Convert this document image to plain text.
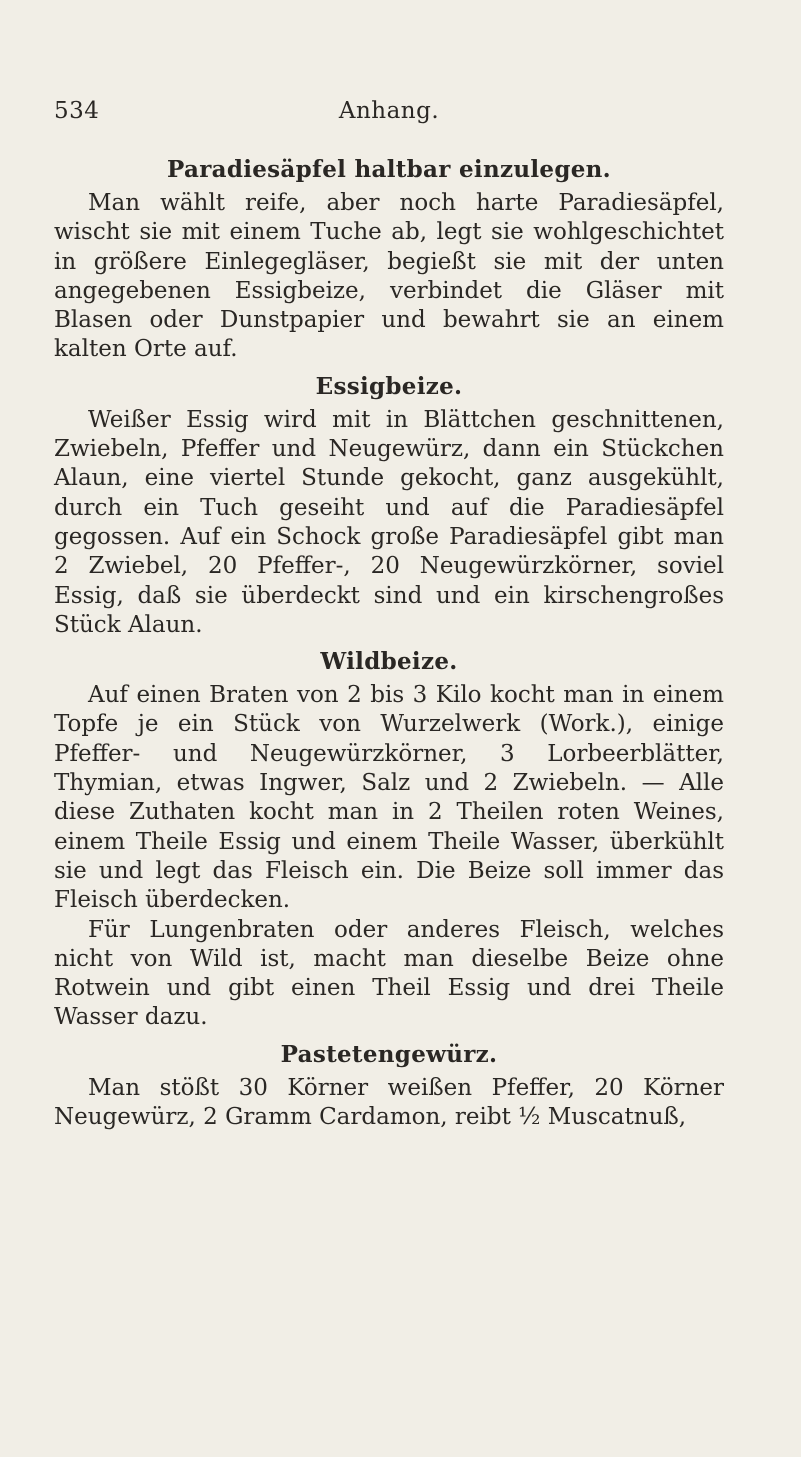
534	Anhang.
Paradiesäpfel haltbar einzulegen.

Man wählt reife, aber noch harte Paradiesäpfel, wischt sie mit einem Tuche ab, legt sie wohlgeschichtet in größere Einlegegläser, begießt sie mit der unten angegebenen Essigbeize, verbindet die Gläser mit Blasen oder Dunstpapier und bewahrt sie an einem kalten Orte auf.

Essigbeize.

Weißer Essig wird mit in Blättchen geschnittenen, Zwiebeln, Pfeffer und Neugewürz, dann ein Stückchen Alaun, eine viertel Stunde gekocht, ganz ausgekühlt, durch ein Tuch geseiht und auf die Paradiesäpfel gegossen. Auf ein Schock große Paradiesäpfel gibt man 2 Zwiebel, 20 Pfeffer-, 20 Neugewürzkörner, soviel Essig, daß sie überdeckt sind und ein kirschengroßes Stück Alaun.

Wildbeize.

Auf einen Braten von 2 bis 3 Kilo kocht man in einem Topfe je ein Stück von Wurzelwerk (Work.), einige Pfeffer- und Neugewürzkörner, 3 Lorbeerblätter, Thymian, etwas Ingwer, Salz und 2 Zwiebeln. — Alle diese Zuthaten kocht man in 2 Theilen roten Weines, einem Theile Essig und einem Theile Wasser, überkühlt sie und legt das Fleisch ein. Die Beize soll immer das Fleisch überdecken.

Für Lungenbraten oder anderes Fleisch, welches nicht von Wild ist, macht man dieselbe Beize ohne Rotwein und gibt einen Theil Essig und drei Theile Wasser dazu.

Pastetengewürz.

Man stößt 30 Körner weißen Pfeffer, 20 Körner Neugewürz, 2 Gramm Cardamon, reibt ½ Muscatnuß,
